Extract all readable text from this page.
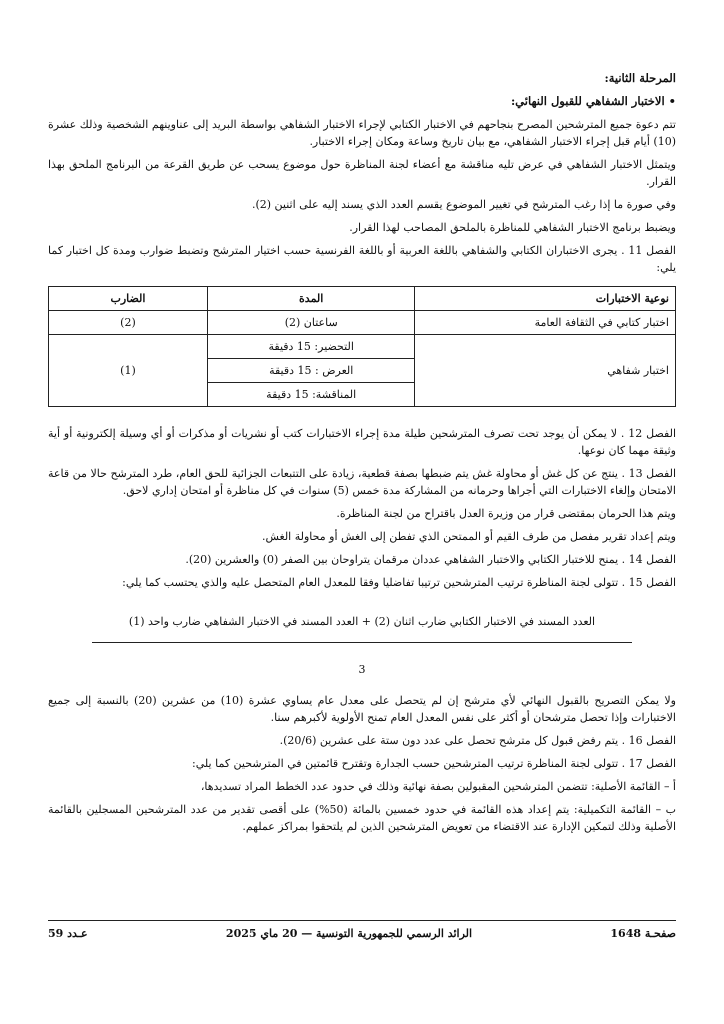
المرحلة الثانية:

• الاختبار الشفاهي للقبول النهائي:

تتم دعوة جميع المترشحين المصرح بنجاحهم في الاختبار الكتابي لإجراء الاختبار الشفاهي بواسطة البريد إلى عناوينهم الشخصية وذلك عشرة (10) أيام قبل إجراء الاختبار الشفاهي، مع بيان تاريخ وساعة ومكان إجراء الاختبار.

ويتمثل الاختبار الشفاهي في عرض تليه مناقشة مع أعضاء لجنة المناظرة حول موضوع يسحب عن طريق القرعة من البرنامج الملحق بهذا القرار.

وفي صورة ما إذا رغب المترشح في تغيير الموضوع يقسم العدد الذي يسند إليه على اثنين (2).

ويضبط برنامج الاختبار الشفاهي للمناظرة بالملحق المصاحب لهذا القرار.

الفصل 11 . يجرى الاختباران الكتابي والشفاهي باللغة العربية أو باللغة الفرنسية حسب اختيار المترشح وتضبط ضوارب ومدة كل اختبار كما يلي:

نوعية الاختبارات	المدة	الضارب
اختبار كتابي في الثقافة العامة	ساعتان (2)	(2)
اختبار شفاهي	التحضير: 15 دقيقة	(1)
	العرض : 15 دقيقة	
	المناقشة: 15 دقيقة	

الفصل 12 . لا يمكن أن يوجد تحت تصرف المترشحين طيلة مدة إجراء الاختبارات كتب أو نشريات أو مذكرات أو أي وسيلة إلكترونية أو أية وثيقة مهما كان نوعها.

الفصل 13 . ينتج عن كل غش أو محاولة غش يتم ضبطها بصفة قطعية، زيادة على التتبعات الجزائية للحق العام، طرد المترشح حالا من قاعة الامتحان وإلغاء الاختبارات التي أجراها وحرمانه من المشاركة مدة خمس (5) سنوات في كل مناظرة أو امتحان إداري لاحق.

ويتم هذا الحرمان بمقتضى قرار من وزيرة العدل باقتراح من لجنة المناظرة.

ويتم إعداد تقرير مفصل من طرف القيم أو الممتحن الذي تفطن إلى الغش أو محاولة الغش.

الفصل 14 . يمنح للاختبار الكتابي والاختبار الشفاهي عددان مرقمان يتراوحان بين الصفر (0) والعشرين (20).

الفصل 15 . تتولى لجنة المناظرة ترتيب المترشحين ترتيبا تفاضليا وفقا للمعدل العام المتحصل عليه والذي يحتسب كما يلي:

العدد المسند في الاختبار الكتابي ضارب اثنان (2) + العدد المسند في الاختبار الشفاهي ضارب واحد (1)

3

ولا يمكن التصريح بالقبول النهائي لأي مترشح إن لم يتحصل على معدل عام يساوي عشرة (10) من عشرين (20) بالنسبة إلى جميع الاختبارات وإذا تحصل مترشحان أو أكثر على نفس المعدل العام تمنح الأولوية لأكبرهم سنا.

الفصل 16 . يتم رفض قبول كل مترشح تحصل على عدد دون ستة على عشرين (20/6).

الفصل 17 . تتولى لجنة المناظرة ترتيب المترشحين حسب الجدارة وتقترح قائمتين في المترشحين كما يلي:

أ – القائمة الأصلية: تتضمن المترشحين المقبولين بصفة نهائية وذلك في حدود عدد الخطط المراد تسديدها،

ب – القائمة التكميلية: يتم إعداد هذه القائمة في حدود خمسين بالمائة (50%) على أقصى تقدير من عدد المترشحين المسجلين بالقائمة الأصلية وذلك لتمكين الإدارة عند الاقتضاء من تعويض المترشحين الذين لم يلتحقوا بمراكز عملهم.

صفحـة 1648
الرائد الرسمي للجمهورية التونسية — 20 ماي 2025
عـدد 59
